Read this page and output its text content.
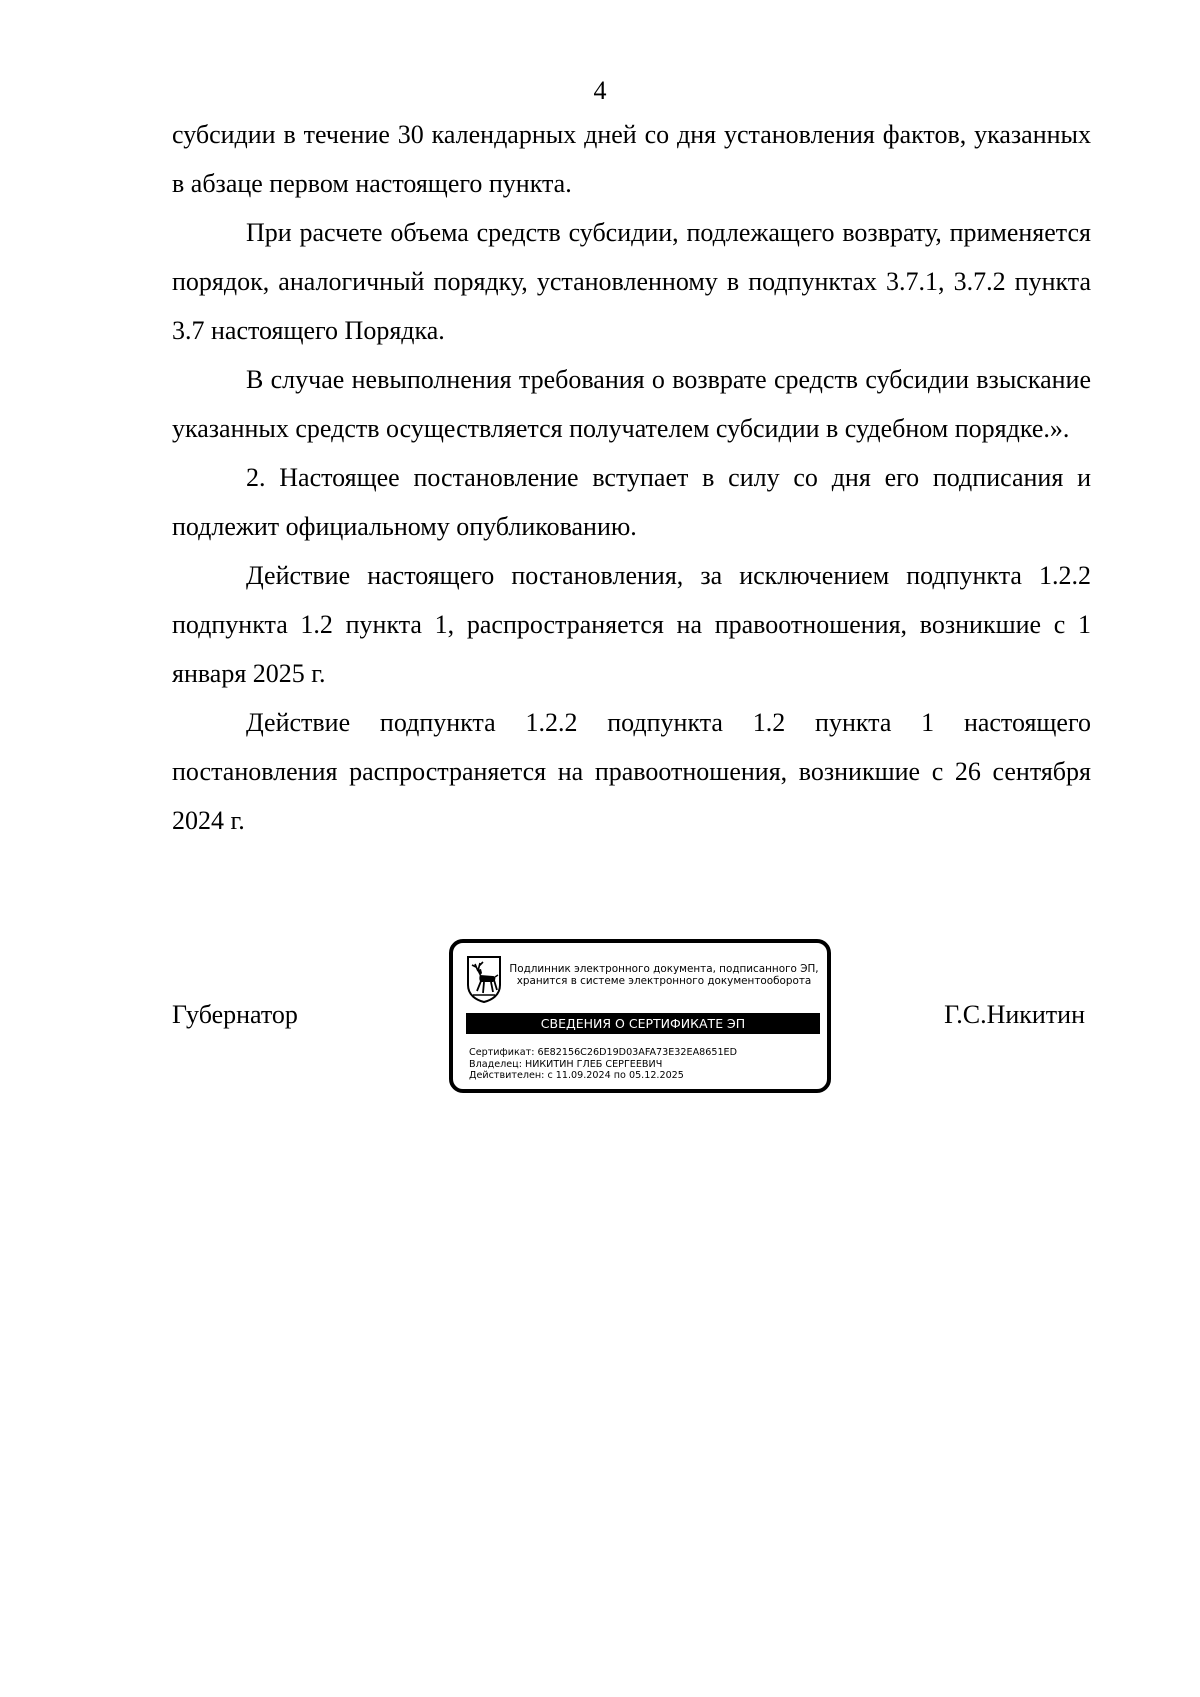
4

субсидии в течение 30 календарных дней со дня установления фактов, указанных в абзаце первом настоящего пункта.

При расчете объема средств субсидии, подлежащего возврату, применяется порядок, аналогичный порядку, установленному в подпунктах 3.7.1, 3.7.2 пункта 3.7 настоящего Порядка.

В случае невыполнения требования о возврате средств субсидии взыскание указанных средств осуществляется получателем субсидии в судебном порядке.».

2. Настоящее постановление вступает в силу со дня его подписания и подлежит официальному опубликованию.

Действие настоящего постановления, за исключением подпункта 1.2.2 подпункта 1.2 пункта 1, распространяется на правоотношения, возникшие с 1 января 2025 г.

Действие подпункта 1.2.2 подпункта 1.2 пункта 1 настоящего постановления распространяется на правоотношения, возникшие с 26 сентября 2024 г.

Губернатор	Г.С.Никитин
Подлинник электронного документа, подписанного ЭП,
хранится в системе электронного документооборота
СВЕДЕНИЯ О СЕРТИФИКАТЕ ЭП
Сертификат: 6E82156C26D19D03AFA73E32EA8651ED
Владелец: НИКИТИН ГЛЕБ СЕРГЕЕВИЧ
Действителен: с 11.09.2024 по 05.12.2025
